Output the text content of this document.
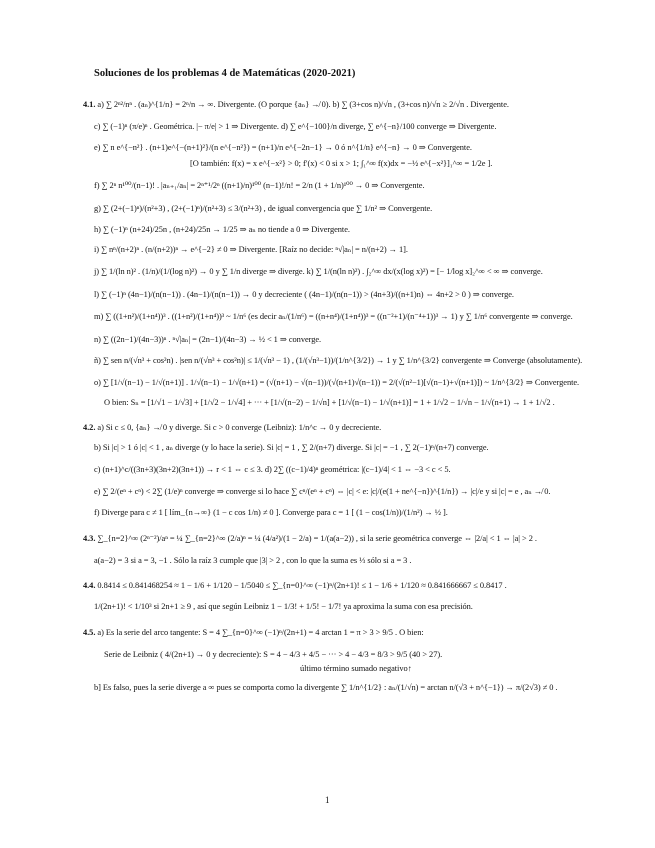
Soluciones de los problemas 4 de Matemáticas (2020-2021)
4.1. a) ∑ 2ⁿ²/nⁿ . (aₙ)^{1/n} = 2ⁿ/n → ∞. Divergente. (O porque {aₙ} ↛ 0). b) ∑ (3+cos n)/√n , (3+cos n)/√n ≥ 2/√n . Divergente.
c) ∑ (−1)ⁿ (π/e)ⁿ . Geométrica. |− π/e| > 1 ⇒ Divergente. d) ∑ e^{−100}/n diverge, ∑ e^{−n}/100 converge ⇒ Divergente.
e) ∑ n e^{−n²} . (n+1)e^{−(n+1)²}/(n e^{−n²}) = (n+1)/n e^{−2n−1} → 0 ó n^{1/n} e^{−n} → 0 ⇒ Convergente.
[O también: f(x) = x e^{−x²} > 0; f′(x) < 0 si x > 1; ∫₁^∞ f(x)dx = −½ e^{−x²}]₁^∞ = 1/2e ].
f) ∑ 2ⁿ n¹⁰⁰/(n−1)! . |aₙ₊₁/aₙ| = 2ⁿ⁺¹/2ⁿ ((n+1)/n)¹⁰⁰ (n−1)!/n! = 2/n (1 + 1/n)¹⁰⁰ → 0 ⇒ Convergente.
g) ∑ (2+(−1)ⁿ)/(n²+3) , (2+(−1)ⁿ)/(n²+3) ≤ 3/(n²+3) , de igual convergencia que ∑ 1/n² ⇒ Convergente.
h) ∑ (−1)ⁿ (n+24)/25n , (n+24)/25n → 1/25 ⇒ aₙ no tiende a 0 ⇒ Divergente.
i) ∑ nⁿ/(n+2)ⁿ . (n/(n+2))ⁿ → e^{−2} ≠ 0 ⇒ Divergente. [Raíz no decide: ⁿ√|aₙ| = n/(n+2) → 1].
j) ∑ 1/(ln n)² . (1/n)/(1/(log n)²) → 0 y ∑ 1/n diverge ⇒ diverge. k) ∑ 1/(n(ln n)²) . ∫₂^∞ dx/(x(log x)²) = [− 1/log x]₂^∞ < ∞ ⇒ converge.
l) ∑ (−1)ⁿ (4n−1)/(n(n−1)) . (4n−1)/(n(n−1)) → 0 y decreciente ( (4n−1)/(n(n−1)) > (4n+3)/((n+1)n) ⇔ 4n+2 > 0 ) ⇒ converge.
m) ∑ ((1+n²)/(1+n⁴))³ . ((1+n²)/(1+n⁴))³ ~ 1/n⁶ (es decir aₙ/(1/n⁶) = ((n+n⁴)/(1+n⁴))³ = ((n⁻²+1)/(n⁻⁴+1))³ → 1) y ∑ 1/n⁶ convergente ⇒ converge.
n) ∑ ((2n−1)/(4n−3))ⁿ . ⁿ√|aₙ| = (2n−1)/(4n−3) → ½ < 1 ⇒ converge.
ñ) ∑ sen n/(√n³ + cos²n) . |sen n/(√n³ + cos²n)| ≤ 1/(√n³ − 1) , (1/(√n³−1))/(1/n^{3/2}) → 1 y ∑ 1/n^{3/2} convergente ⇒ Converge (absolutamente).
o) ∑ [1/√(n−1) − 1/√(n+1)] . 1/√(n−1) − 1/√(n+1) = (√(n+1) − √(n−1))/(√(n+1)√(n−1)) = 2/(√(n²−1)[√(n−1)+√(n+1)]) ~ 1/n^{3/2} ⇒ Convergente.
O bien: Sₙ = [1/√1 − 1/√3] + [1/√2 − 1/√4] + ··· + [1/√(n−2) − 1/√n] + [1/√(n−1) − 1/√(n+1)] = 1 + 1/√2 − 1/√n − 1/√(n+1) → 1 + 1/√2 .
4.2. a) Si c ≤ 0, {aₙ} ↛ 0 y diverge. Si c > 0 converge (Leibniz): 1/n^c → 0 y decreciente.
b) Si |c| > 1 ó |c| < 1 , aₙ diverge (y lo hace la serie). Si |c| = 1 , ∑ 2/(n+7) diverge. Si |c| = −1 , ∑ 2(−1)ⁿ/(n+7) converge.
c) (n+1)^c/((3n+3)(3n+2)(3n+1)) → r < 1 ⇔ c ≤ 3. d) 2∑ ((c−1)/4)ⁿ geométrica: |(c−1)/4| < 1 ⇔ −3 < c < 5.
e) ∑ 2/(eⁿ + cⁿ) < 2∑ (1/e)ⁿ converge ⇒ converge si lo hace ∑ cⁿ/(eⁿ + cⁿ) ⇔ |c| < e: |c|/(e(1 + ne^{−n})^{1/n}) → |c|/e y si |c| = e , aₙ ↛ 0.
f) Diverge para c ≠ 1 [ lím_{n→∞} (1 − c cos 1/n) ≠ 0 ]. Converge para c = 1 [ (1 − cos(1/n))/(1/n²) → ½ ].
4.3. ∑_{n=2}^∞ (2ⁿ⁻²)/aⁿ = ¼ ∑_{n=2}^∞ (2/a)ⁿ = ¼ (4/a²)/(1 − 2/a) = 1/(a(a−2)) , si la serie geométrica converge ⇔ |2/a| < 1 ⇔ |a| > 2 .
a(a−2) = 3 si a = 3, −1 . Sólo la raíz 3 cumple que |3| > 2 , con lo que la suma es ⅓ sólo si a = 3 .
4.4. 0.8414 ≤ 0.841468254 ≈ 1 − 1/6 + 1/120 − 1/5040 ≤ ∑_{n=0}^∞ (−1)ⁿ/(2n+1)! ≤ 1 − 1/6 + 1/120 ≈ 0.841666667 ≤ 0.8417 .
1/(2n+1)! < 1/10³ si 2n+1 ≥ 9 , así que según Leibniz 1 − 1/3! + 1/5! − 1/7! ya aproxima la suma con esa precisión.
4.5. a) Es la serie del arco tangente: S = 4 ∑_{n=0}^∞ (−1)ⁿ/(2n+1) = 4 arctan 1 = π > 3 > 9/5 . O bien:
Serie de Leibniz ( 4/(2n+1) → 0 y decreciente): S = 4 − 4/3 + 4/5 − ··· > 4 − 4/3 = 8/3 > 9/5 (40 > 27).
último término sumado negativo↑
b] Es falso, pues la serie diverge a ∞ pues se comporta como la divergente ∑ 1/n^{1/2} : aₙ/(1/√n) = arctan n/(√3 + n^{−1}) → π/(2√3) ≠ 0 .
1
